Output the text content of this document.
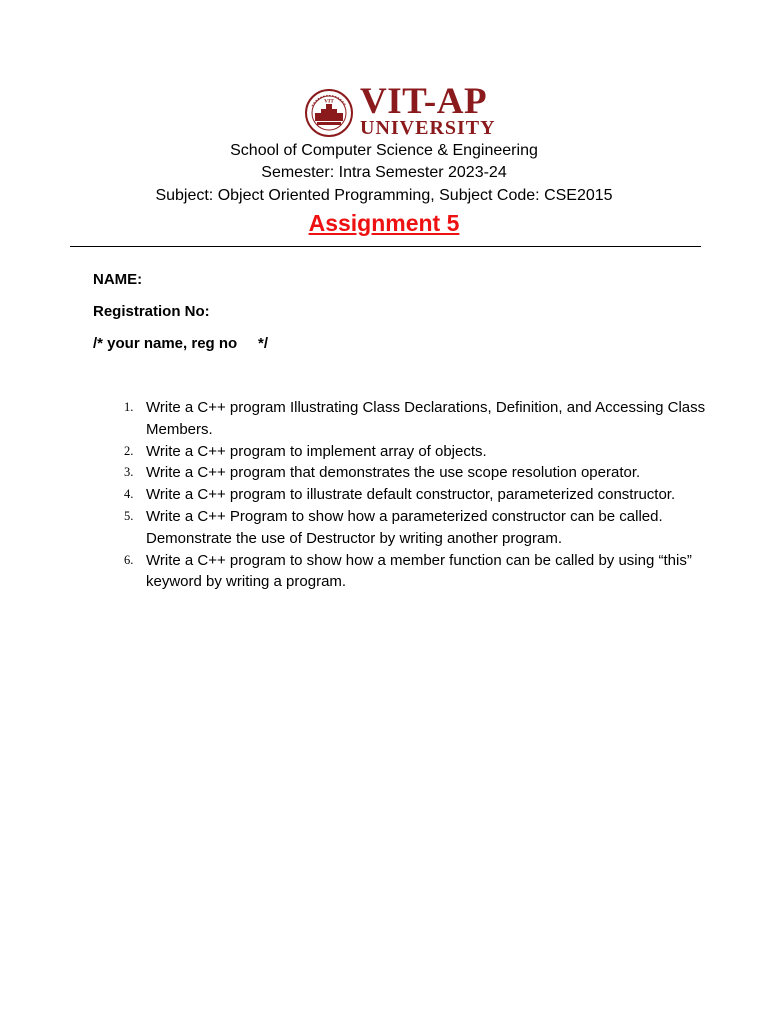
VIT VIT-AP
UNIVERSITY
School of Computer Science & Engineering
Semester: Intra Semester 2023-24
Subject: Object Oriented Programming, Subject Code: CSE2015
Assignment 5
NAME:
Registration No:
/* your name, reg no     */
1. Write a C++ program Illustrating Class Declarations, Definition, and Accessing Class Members.
2. Write a C++ program to implement array of objects.
3. Write a C++ program that demonstrates the use scope resolution operator.
4. Write a C++ program to illustrate default constructor, parameterized constructor.
5. Write a C++ Program to show how a parameterized constructor can be called. Demonstrate the use of Destructor by writing another program.
6. Write a C++ program to show how a member function can be called by using “this” keyword by writing a program.
